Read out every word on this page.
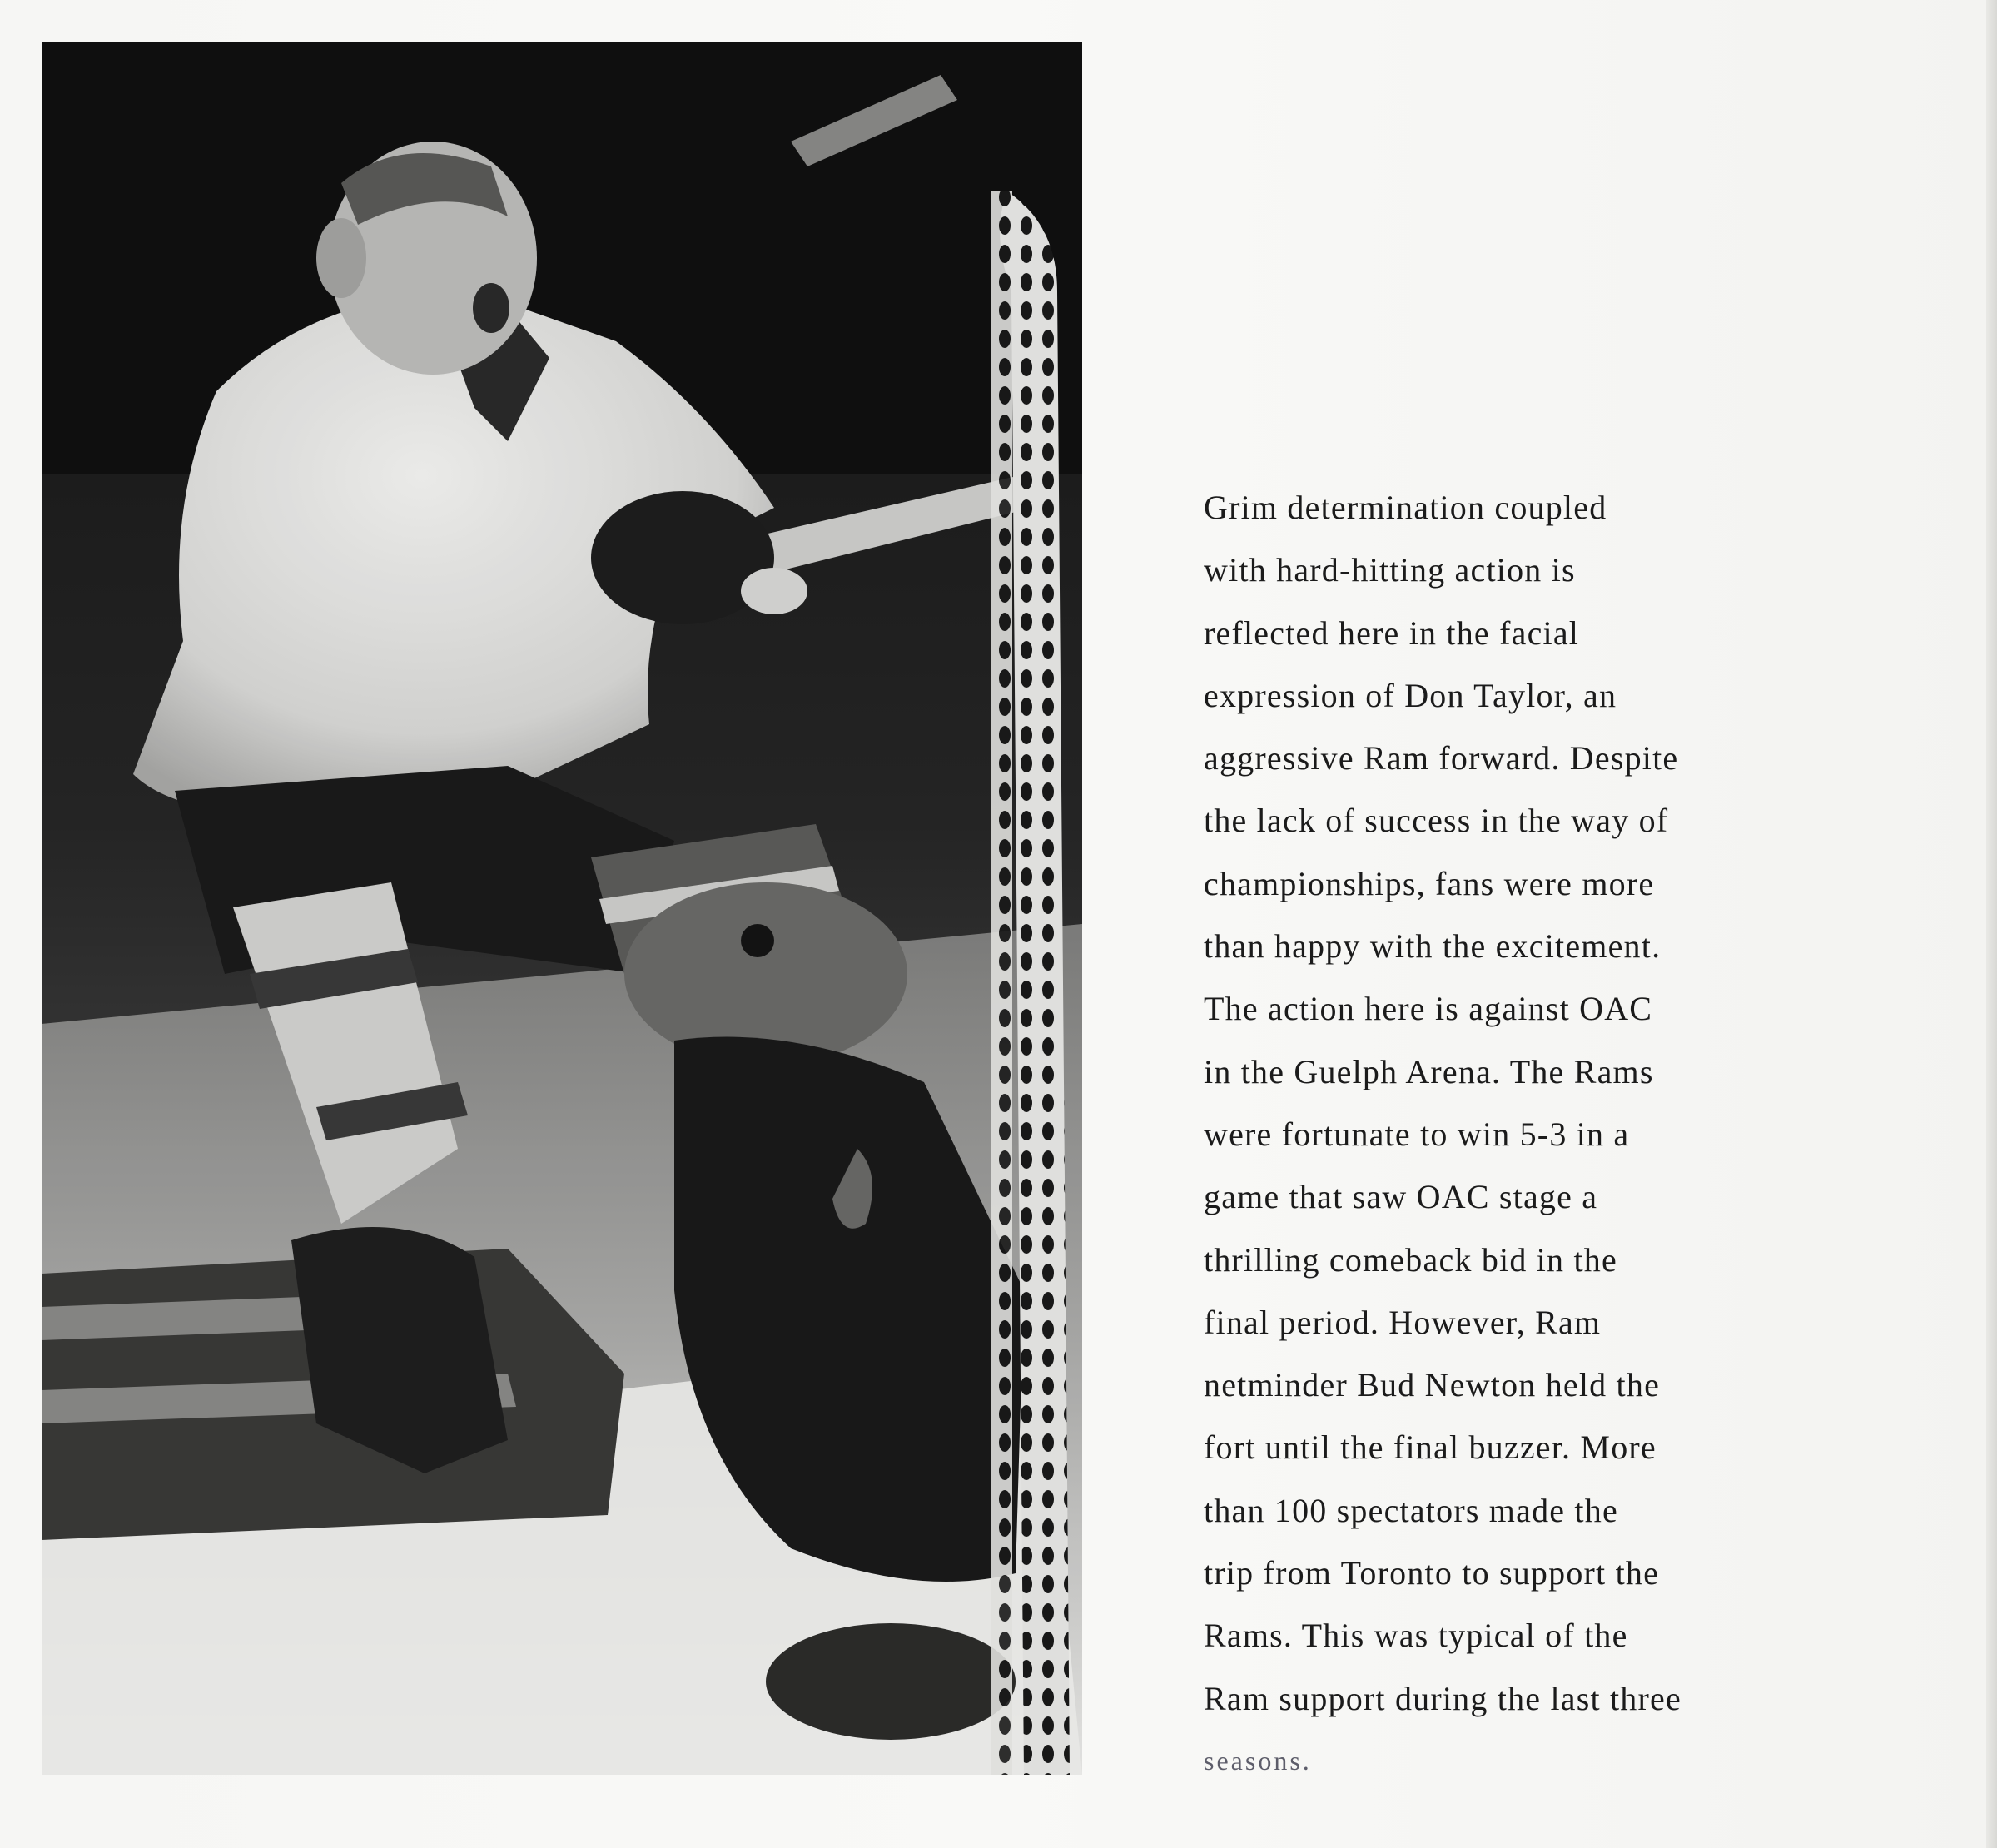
Grim determination coupled
with hard-hitting action is
reflected here in the facial
expression of Don Taylor, an
aggressive Ram forward. Despite
the lack of success in the way of
championships, fans were more
than happy with the excitement.
The action here is against OAC
in the Guelph Arena. The Rams
were fortunate to win 5-3 in a
game that saw OAC stage a
thrilling comeback bid in the
final period. However, Ram
netminder Bud Newton held the
fort until the final buzzer. More
than 100 spectators made the
trip from Toronto to support the
Rams. This was typical of the
Ram support during the last three
seasons.
